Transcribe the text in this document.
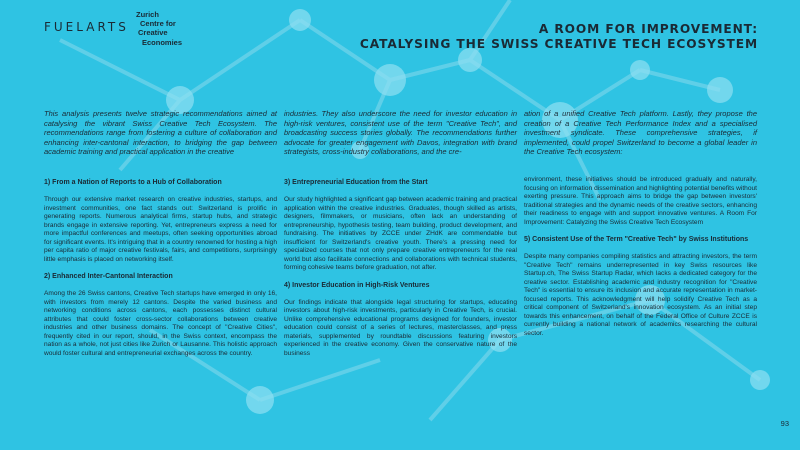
FUELARTS
Zurich
Centre for
Creative
Economies
A ROOM FOR IMPROVEMENT:
CATALYSING THE SWISS CREATIVE TECH ECOSYSTEM

This analysis presents twelve strategic recommendations aimed at catalysing the vibrant Swiss Creative Tech Ecosystem. The recommendations range from fostering a culture of collaboration and enhancing inter-cantonal interaction, to bridging the gap between academic training and practical application in the creative

industries. They also underscore the need for investor education in high-risk ventures, consistent use of the term "Creative Tech", and broadcasting success stories globally. The recommendations further advocate for greater engagement with Davos, integration with brand strategists, cross-industry collaborations, and the cre-

ation of a unified Creative Tech platform. Lastly, they propose the creation of a Creative Tech Performance Index and a specialised investment syndicate. These comprehensive strategies, if implemented, could propel Switzerland to become a global leader in the Creative Tech ecosystem:

1) From a Nation of Reports to a Hub of Collaboration

Through our extensive market research on creative industries, startups, and investment communities, one fact stands out: Switzerland is prolific in generating reports. Numerous analytical firms, startup hubs, and strategic brands engage in extensive reporting. Yet, entrepreneurs express a need for more impactful conferences and meetups, often seeking opportunities abroad for significant events. It's intriguing that in a country renowned for hosting a high per capita ratio of major creative festivals, fairs, and competitions, surprisingly little emphasis is placed on networking itself.

2) Enhanced Inter-Cantonal Interaction

Among the 26 Swiss cantons, Creative Tech startups have emerged in only 16, with investors from merely 12 cantons. Despite the varied business and networking conditions across cantons, each possesses distinct cultural attributes that could foster cross-sector collaborations between creative industries and other business domains. The concept of "Creative Cities", frequently cited in our report, should, in the Swiss context, encompass the nation as a whole, not just cities like Zurich or Lausanne. This holistic approach would foster cultural and entrepreneurial exchanges across the country.

3) Entrepreneurial Education from the Start

Our study highlighted a significant gap between academic training and practical application within the creative industries. Graduates, though skilled as artists, designers, filmmakers, or musicians, often lack an understanding of entrepreneurship, hypothesis testing, team building, product development, and fundraising. The initiatives by ZCCE under ZHdK are commendable but insufficient for Switzerland's creative youth. There's a pressing need for specialized courses that not only prepare creative entrepreneurs for the real world but also facilitate connections and collaborations with technical students, forming cohesive teams before graduation, not after.

4) Investor Education in High-Risk Ventures

Our findings indicate that alongside legal structuring for startups, educating investors about high-risk investments, particularly in Creative Tech, is crucial. Unlike comprehensive educational programs designed for founders, investor education could consist of a series of lectures, masterclasses, and press materials, supplemented by roundtable discussions featuring investors experienced in the creative economy. Given the conservative nature of the business

environment, these initiatives should be introduced gradually and naturally, focusing on information dissemination and highlighting potential benefits without exerting pressure. This approach aims to bridge the gap between investors' traditional strategies and the dynamic needs of the creative sectors, enhancing their readiness to engage with and support innovative ventures. A Room For Improvement: Catalyzing the Swiss Creative Tech Ecosystem

5) Consistent Use of the Term "Creative Tech" by Swiss Institutions

Despite many companies compiling statistics and attracting investors, the term "Creative Tech" remains underrepresented in key Swiss resources like Startup.ch, The Swiss Startup Radar, which lacks a dedicated category for the creative sector. Establishing academic and industry recognition for "Creative Tech" is essential to ensure its inclusion and accurate representation in market-focused reports. This acknowledgment will help solidify Creative Tech as a critical component of Switzerland's innovation ecosystem. As an initial step towards this enhancement, on behalf of the Federal Office of Culture ZCCE is currently building a national network of academics researching the cultural sector.

93
